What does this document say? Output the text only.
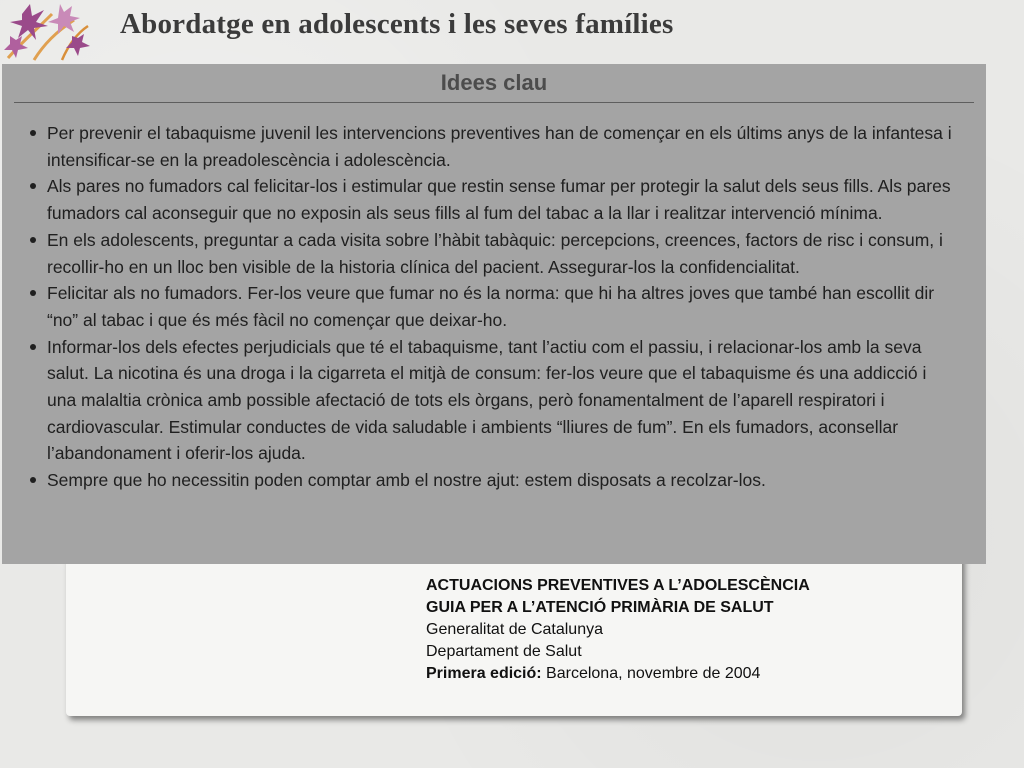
Abordatge en adolescents i les seves famílies
Idees clau
Per prevenir el tabaquisme juvenil les intervencions preventives han de començar en els últims anys de la infantesa i intensificar-se en la preadolescència i adolescència.
Als pares no fumadors cal felicitar-los i estimular que restin sense fumar per protegir la salut dels seus fills. Als pares fumadors cal aconseguir que no exposin als seus fills al fum del tabac a la llar i realitzar intervenció mínima.
En els adolescents, preguntar a cada visita sobre l’hàbit tabàquic: percepcions, creences, factors de risc i consum, i recollir-ho en un lloc ben visible de la historia clínica del pacient. Assegurar-los la confidencialitat.
Felicitar als no fumadors. Fer-los veure que fumar no és la norma: que hi ha altres joves que també han escollit dir “no” al tabac i que és més fàcil no començar que deixar-ho.
Informar-los dels efectes perjudicials que té el tabaquisme, tant l’actiu com el passiu, i relacionar-los amb la seva salut. La nicotina és una droga i la cigarreta el mitjà de consum: fer-los veure que el tabaquisme és una addicció i una malaltia crònica amb possible afectació de tots els òrgans, però fonamentalment de l’aparell respiratori i cardiovascular. Estimular conductes de vida saludable i ambients “lliures de fum”. En els fumadors, aconsellar l’abandonament i oferir-los ajuda.
Sempre que ho necessitin poden comptar amb el nostre ajut: estem disposats a recolzar-los.
ACTUACIONS PREVENTIVES A L’ADOLESCÈNCIA
GUIA PER A L’ATENCIÓ PRIMÀRIA DE SALUT
Generalitat de Catalunya
Departament de Salut
Primera edició: Barcelona, novembre de 2004
